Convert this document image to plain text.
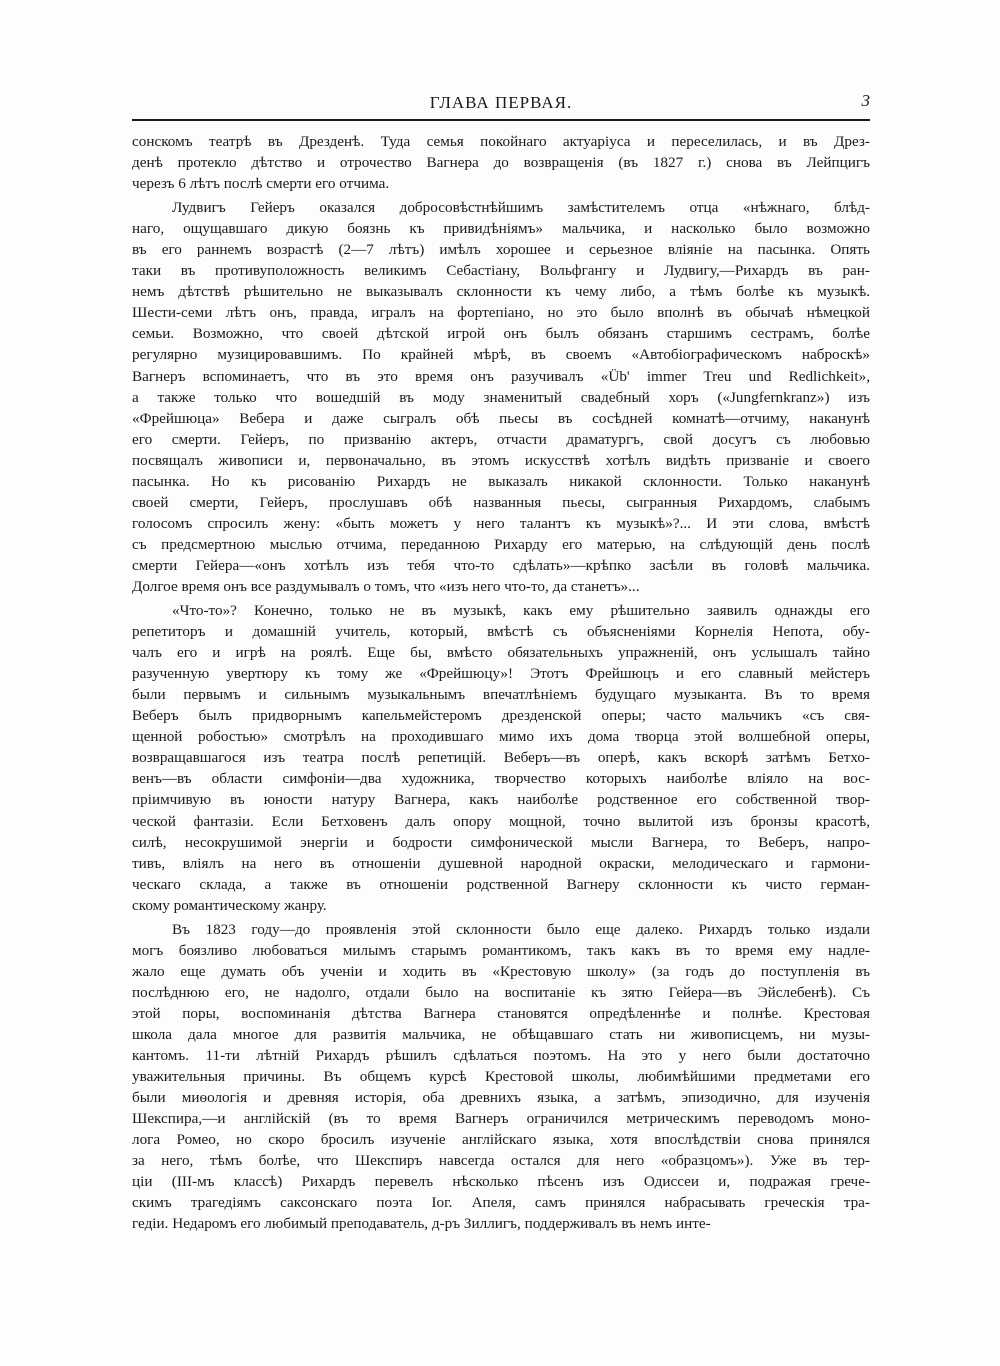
ГЛАВА ПЕРВАЯ.	3
сонскомъ театрѣ въ Дрезденѣ. Туда семья покойнаго актуаріуса и переселилась, и въ Дрез-
денѣ протекло дѣтство и отрочество Вагнера до возвращенія (въ 1827 г.) снова въ Лейпцигъ
черезъ 6 лѣтъ послѣ смерти его отчима.
Лудвигъ Гейеръ оказался добросовѣстнѣйшимъ замѣстителемъ отца «нѣжнаго, блѣд-
наго, ощущавшаго дикую боязнь къ привидѣніямъ» мальчика, и насколько было возможно
въ его раннемъ возрастѣ (2—7 лѣтъ) имѣлъ хорошее и серьезное вліяніе на пасынка. Опять
таки въ противуположность великимъ Себастіану, Вольфгангу и Лудвигу,—Рихардъ въ ран-
немъ дѣтствѣ рѣшительно не выказывалъ склонности къ чему либо, а тѣмъ болѣе къ музыкѣ.
Шести-семи лѣтъ онъ, правда, игралъ на фортепіано, но это было вполнѣ въ обычаѣ нѣмецкой
семьи. Возможно, что своей дѣтской игрой онъ былъ обязанъ старшимъ сестрамъ, болѣе
регулярно музицировавшимъ. По крайней мѣрѣ, въ своемъ «Автобіографическомъ наброскѣ»
Вагнеръ вспоминаетъ, что въ это время онъ разучивалъ «Üb' immer Treu und Redlichkeit»,
а также только что вошедшій въ моду знаменитый свадебный хоръ («Jungfernkranz») изъ
«Фрейшюца» Вебера и даже сыгралъ обѣ пьесы въ сосѣдней комнатѣ—отчиму, наканунѣ
его смерти. Гейеръ, по призванію актеръ, отчасти драматургъ, свой досугъ съ любовью
посвящалъ живописи и, первоначально, въ этомъ искусствѣ хотѣлъ видѣть призваніе и своего
пасынка. Но къ рисованію Рихардъ не выказалъ никакой склонности. Только наканунѣ
своей смерти, Гейеръ, прослушавъ обѣ названныя пьесы, сыгранныя Рихардомъ, слабымъ
голосомъ спросилъ жену: «быть можетъ у него талантъ къ музыкѣ»?... И эти слова, вмѣстѣ
съ предсмертною мыслью отчима, переданною Рихарду его матерью, на слѣдующій день послѣ
смерти Гейера—«онъ хотѣлъ изъ тебя что-то сдѣлать»—крѣпко засѣли въ головѣ мальчика.
Долгое время онъ все раздумывалъ о томъ, что «изъ него что-то, да станетъ»...
«Что-то»? Конечно, только не въ музыкѣ, какъ ему рѣшительно заявилъ однажды его
репетиторъ и домашній учитель, который, вмѣстѣ съ объясненіями Корнелія Непота, обу-
чалъ его и игрѣ на роялѣ. Еще бы, вмѣсто обязательныхъ упражненій, онъ услышалъ тайно
разученную увертюру къ тому же «Фрейшюцу»! Этотъ Фрейшюцъ и его славный мейстеръ
были первымъ и сильнымъ музыкальнымъ впечатлѣніемъ будущаго музыканта. Въ то время
Веберъ былъ придворнымъ капельмейстеромъ дрезденской оперы; часто мальчикъ «съ свя-
щенной робостью» смотрѣлъ на проходившаго мимо ихъ дома творца этой волшебной оперы,
возвращавшагося изъ театра послѣ репетицій. Веберъ—въ оперѣ, какъ вскорѣ затѣмъ Бетхо-
венъ—въ области симфоніи—два художника, творчество которыхъ наиболѣе вліяло на вос-
пріимчивую въ юности натуру Вагнера, какъ наиболѣе родственное его собственной твор-
ческой фантазіи. Если Бетховенъ далъ опору мощной, точно вылитой изъ бронзы красотѣ,
силѣ, несокрушимой энергіи и бодрости симфонической мысли Вагнера, то Веберъ, напро-
тивъ, вліялъ на него въ отношеніи душевной народной окраски, мелодическаго и гармони-
ческаго склада, а также въ отношеніи родственной Вагнеру склонности къ чисто герман-
скому романтическому жанру.
Въ 1823 году—до проявленія этой склонности было еще далеко. Рихардъ только издали
могъ боязливо любоваться милымъ старымъ романтикомъ, такъ какъ въ то время ему надле-
жало еще думать объ ученіи и ходить въ «Крестовую школу» (за годъ до поступленія въ
послѣднюю его, не надолго, отдали было на воспитаніе къ зятю Гейера—въ Эйслебенѣ). Съ
этой поры, воспоминанія дѣтства Вагнера становятся опредѣленнѣе и полнѣе. Крестовая
школа дала многое для развитія мальчика, не обѣщавшаго стать ни живописцемъ, ни музы-
кантомъ. 11-ти лѣтній Рихардъ рѣшилъ сдѣлаться поэтомъ. На это у него были достаточно
уважительныя причины. Въ общемъ курсѣ Крестовой школы, любимѣйшими предметами его
были миѳологія и древняя исторія, оба древнихъ языка, а затѣмъ, эпизодично, для изученія
Шекспира,—и англійскій (въ то время Вагнеръ ограничился метрическимъ переводомъ моно-
лога Ромео, но скоро бросилъ изученіе англійскаго языка, хотя впослѣдствіи снова принялся
за него, тѣмъ болѣе, что Шекспиръ навсегда остался для него «образцомъ»). Уже въ тер-
ціи (III-мъ классѣ) Рихардъ перевелъ нѣсколько пѣсенъ изъ Одиссеи и, подражая грече-
скимъ трагедіямъ саксонскаго поэта Іог. Апеля, самъ принялся набрасывать греческія тра-
гедіи. Недаромъ его любимый преподаватель, д-ръ Зиллигъ, поддерживалъ въ немъ инте-
